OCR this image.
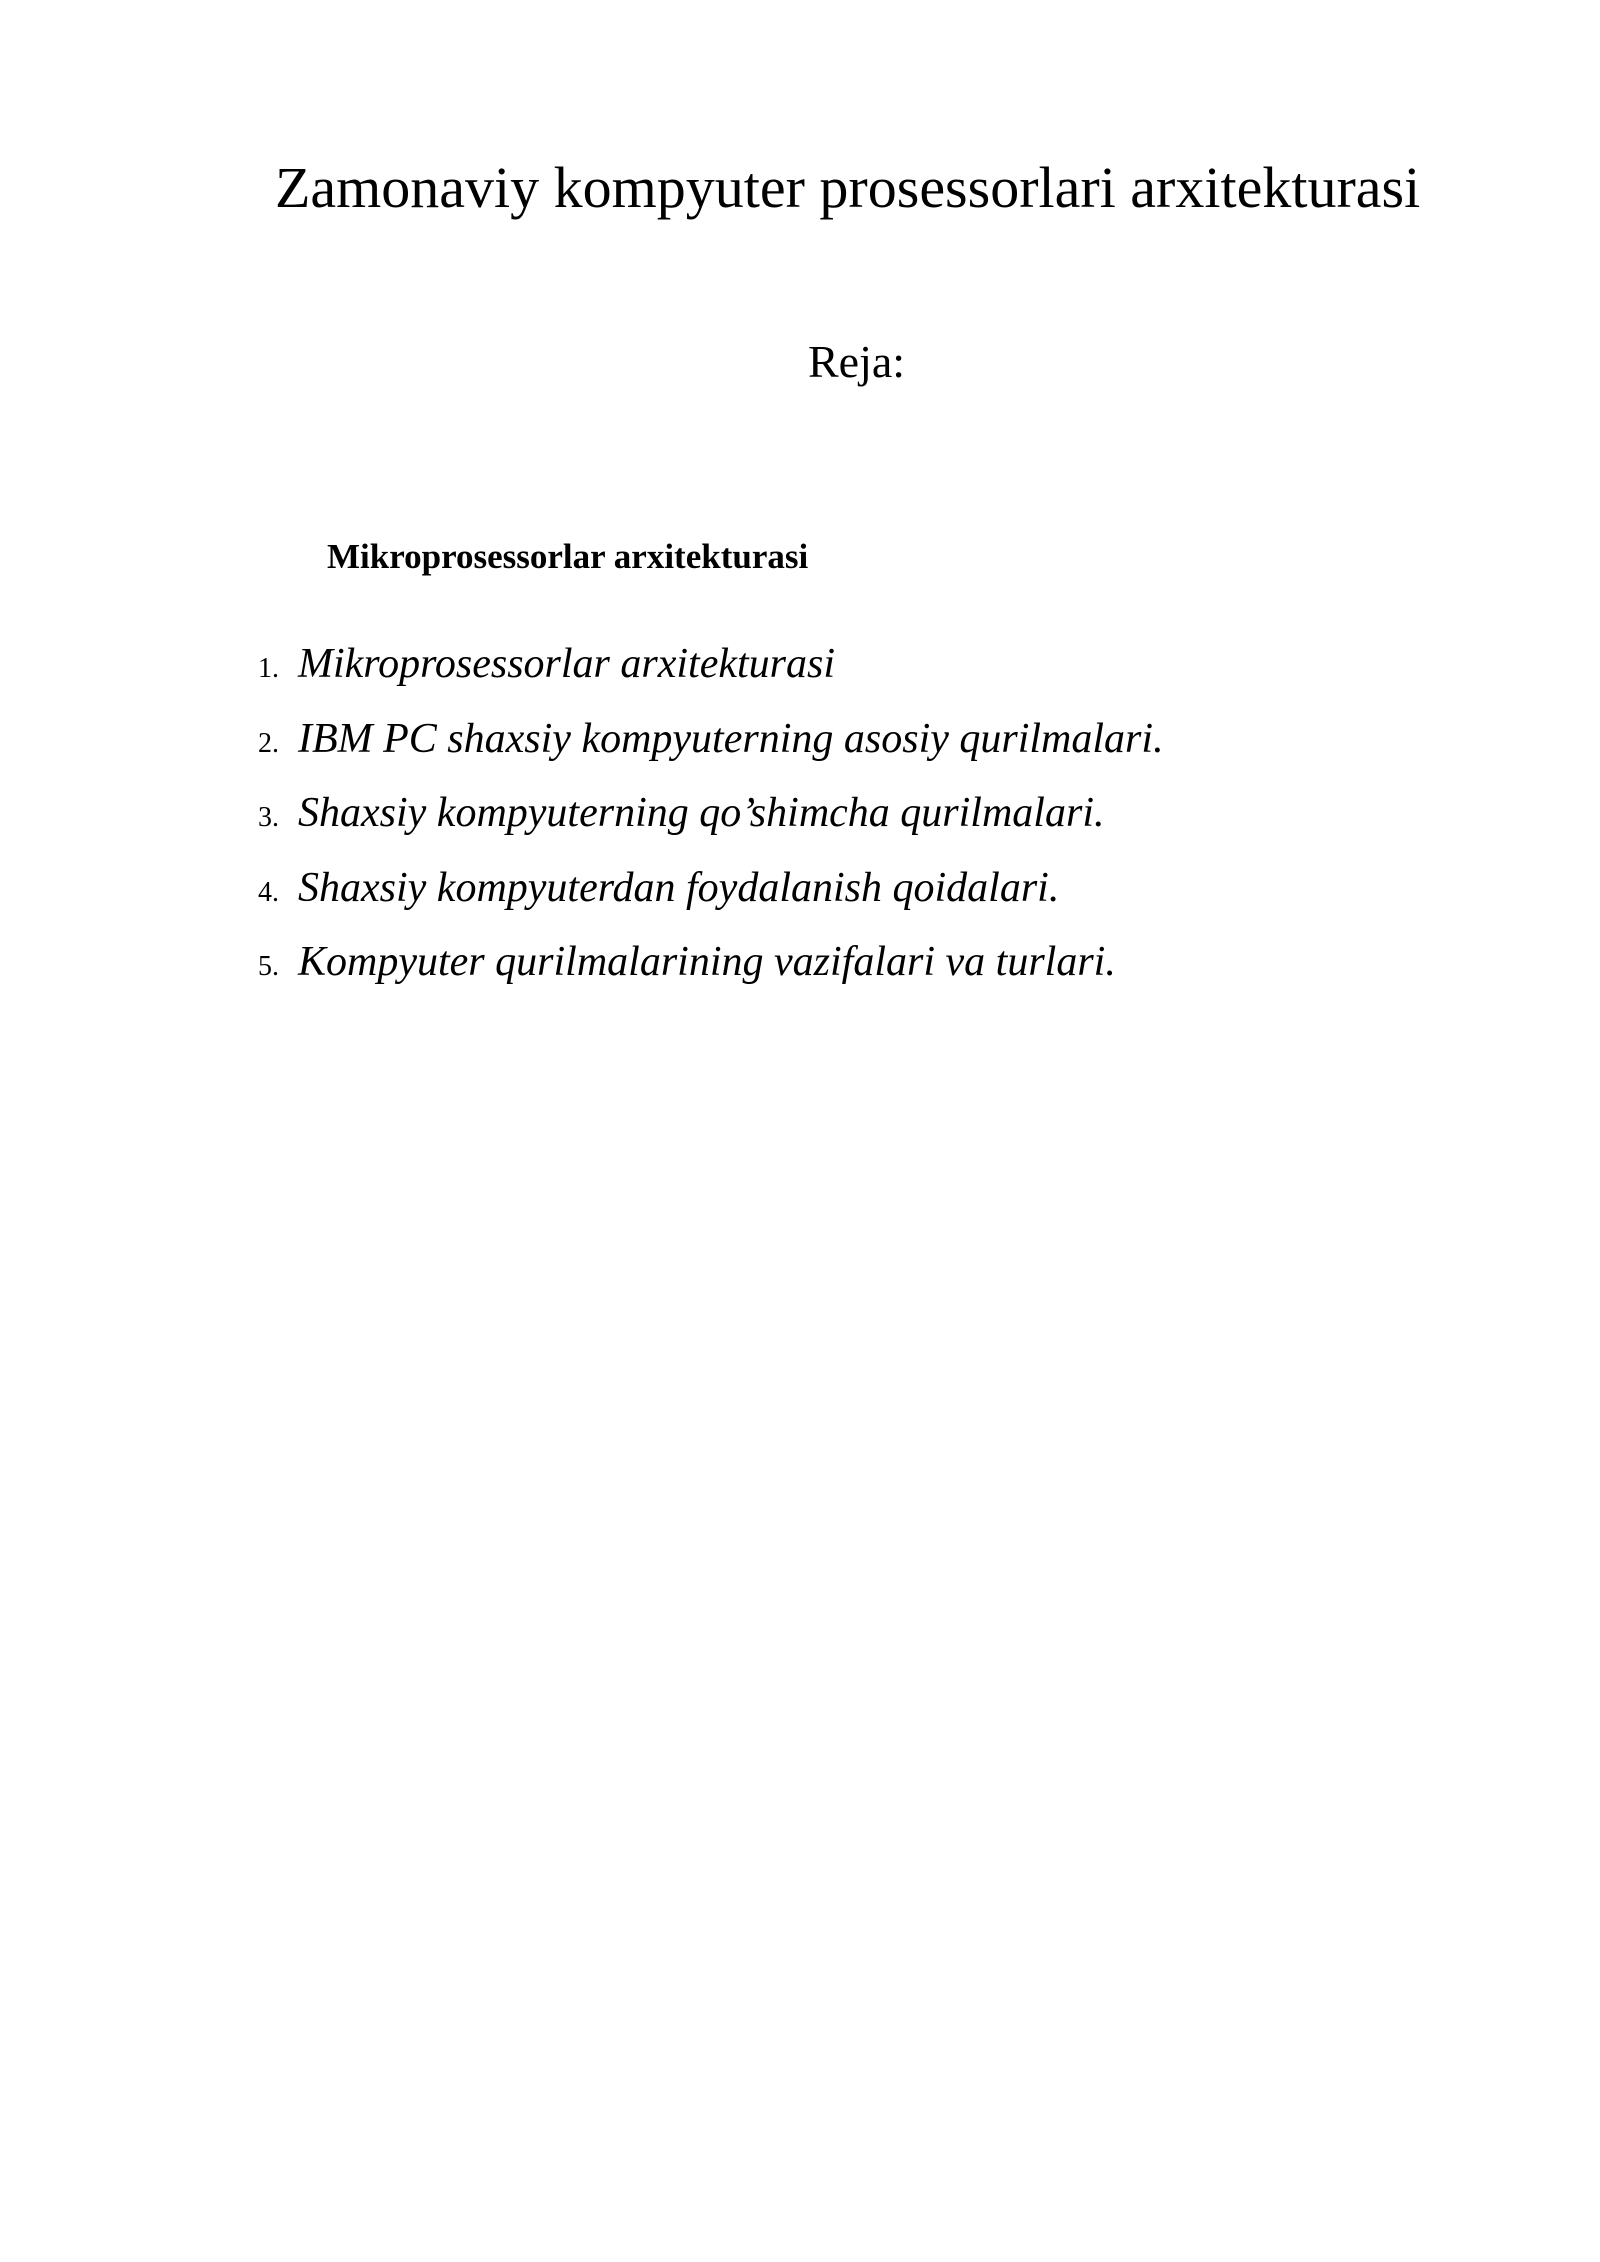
Zamonaviy kompyuter prosessorlari arxitekturasi
Reja:
Mikroprosessorlar arxitekturasi
1. Mikroprosessorlar arxitekturasi
2. IBM PC shaxsiy kompyuterning asosiy qurilmalari.
3. Shaxsiy kompyuterning qo’shimcha qurilmalari.
4. Shaxsiy kompyuterdan foydalanish qoidalari.
5. Kompyuter qurilmalarining vazifalari va turlari.
